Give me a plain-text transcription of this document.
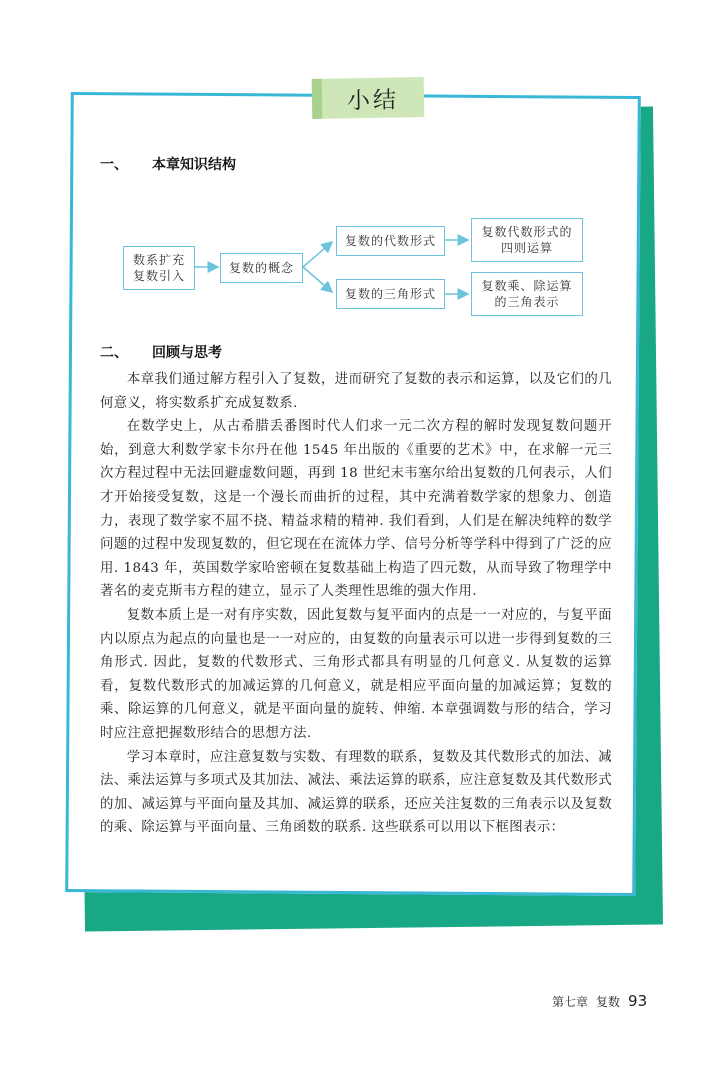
小结
一、	本章知识结构
数系扩充
复数引入
复数的概念
复数的代数形式
复数的三角形式
复数代数形式的
四则运算
复数乘、除运算
的三角表示
二、	回顾与思考

本章我们通过解方程引入了复数，进而研究了复数的表示和运算，以及它们的几何意义，将实数系扩充成复数系.

在数学史上，从古希腊丢番图时代人们求一元二次方程的解时发现复数问题开始，到意大利数学家卡尔丹在他 1545 年出版的《重要的艺术》中，在求解一元三次方程过程中无法回避虚数问题，再到 18 世纪末韦塞尔给出复数的几何表示，人们才开始接受复数，这是一个漫长而曲折的过程，其中充满着数学家的想象力、创造力，表现了数学家不屈不挠、精益求精的精神. 我们看到，人们是在解决纯粹的数学问题的过程中发现复数的，但它现在在流体力学、信号分析等学科中得到了广泛的应用. 1843 年，英国数学家哈密顿在复数基础上构造了四元数，从而导致了物理学中著名的麦克斯韦方程的建立，显示了人类理性思维的强大作用.

复数本质上是一对有序实数，因此复数与复平面内的点是一一对应的，与复平面内以原点为起点的向量也是一一对应的，由复数的向量表示可以进一步得到复数的三角形式. 因此，复数的代数形式、三角形式都具有明显的几何意义. 从复数的运算看，复数代数形式的加减运算的几何意义，就是相应平面向量的加减运算；复数的乘、除运算的几何意义，就是平面向量的旋转、伸缩. 本章强调数与形的结合，学习时应注意把握数形结合的思想方法.

学习本章时，应注意复数与实数、有理数的联系，复数及其代数形式的加法、减法、乘法运算与多项式及其加法、减法、乘法运算的联系，应注意复数及其代数形式的加、减运算与平面向量及其加、减运算的联系，还应关注复数的三角表示以及复数的乘、除运算与平面向量、三角函数的联系. 这些联系可以用以下框图表示：

第七章 复数 93
